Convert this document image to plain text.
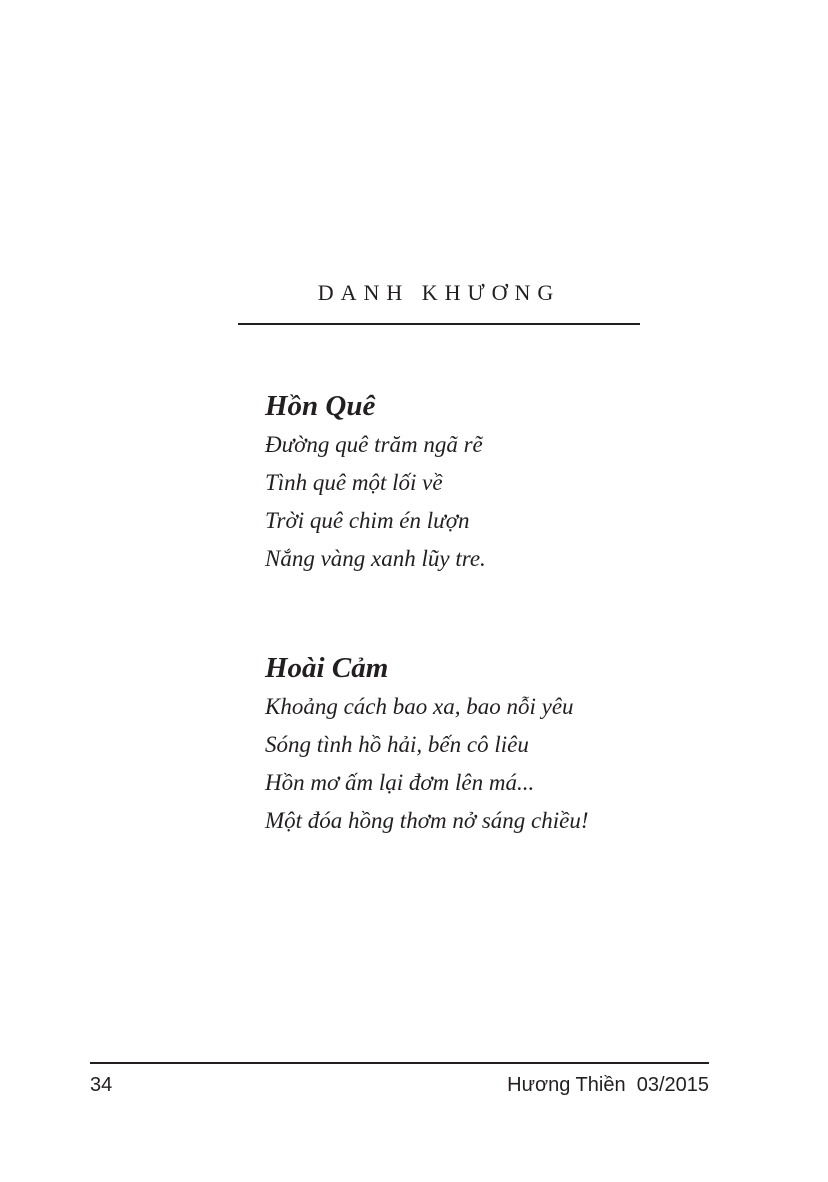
DANH KHƯƠNG

Hồn Quê

Đường quê trăm ngã rẽ

Tình quê một lối về

Trời quê chim én lượn

Nắng vàng xanh lũy tre.

Hoài Cảm

Khoảng cách bao xa, bao nỗi yêu

Sóng tình hồ hải, bến cô liêu

Hồn mơ ấm lại đơm lên má...

Một đóa hồng thơm nở sáng chiều!

34	Hương Thiền 03/2015
